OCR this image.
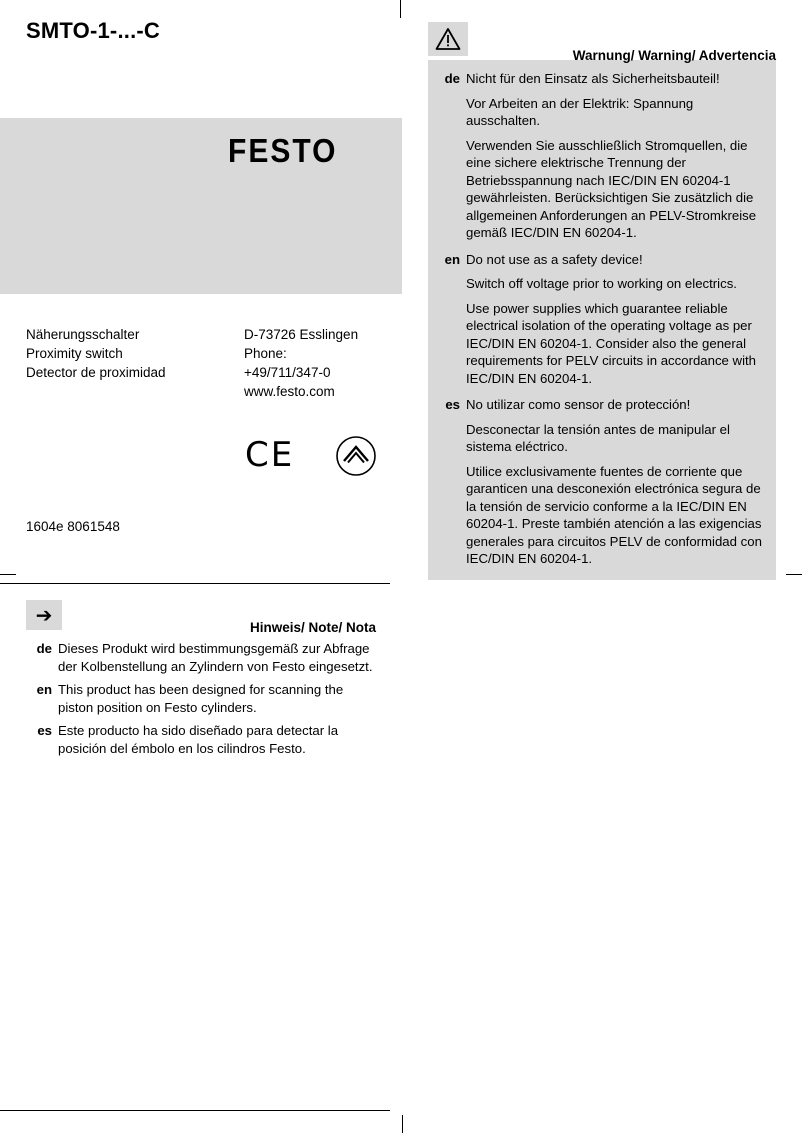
SMTO-1-...-C
FESTO
Näherungsschalter	D-73726 Esslingen
Proximity switch	Phone:
Detector de proximidad	+49/711/347-0
www.festo.com
CE
1604e 8061548
➔
Hinweis/ Note/ Nota
de Dieses Produkt wird bestimmungsgemäß zur Abfrage der Kolbenstellung an Zylindern von Festo eingesetzt.

en This product has been designed for scanning the piston position on Festo cylinders.

es Este producto ha sido diseñado para detectar la posición del émbolo en los cilindros Festo.

Warnung/ Warning/ Advertencia
de Nicht für den Einsatz als Sicherheitsbauteil!

Vor Arbeiten an der Elektrik: Spannung ausschalten.

Verwenden Sie ausschließlich Stromquellen, die eine sichere elektrische Trennung der Betriebsspannung nach IEC/DIN EN 60204-1 gewährleisten. Berücksichtigen Sie zusätzlich die allgemeinen Anforderungen an PELV-Stromkreise gemäß IEC/DIN EN 60204-1.

en Do not use as a safety device!

Switch off voltage prior to working on electrics.

Use power supplies which guarantee reliable electrical isolation of the operating voltage as per IEC/DIN EN 60204-1. Consider also the general requirements for PELV circuits in accordance with IEC/DIN EN 60204-1.

es No utilizar como sensor de protección!

Desconectar la tensión antes de manipular el sistema eléctrico.

Utilice exclusivamente fuentes de corriente que garanticen una desconexión electrónica segura de la tensión de servicio conforme a la IEC/DIN EN 60204-1. Preste también atención a las exigencias generales para circuitos PELV de conformidad con IEC/DIN EN 60204-1.
